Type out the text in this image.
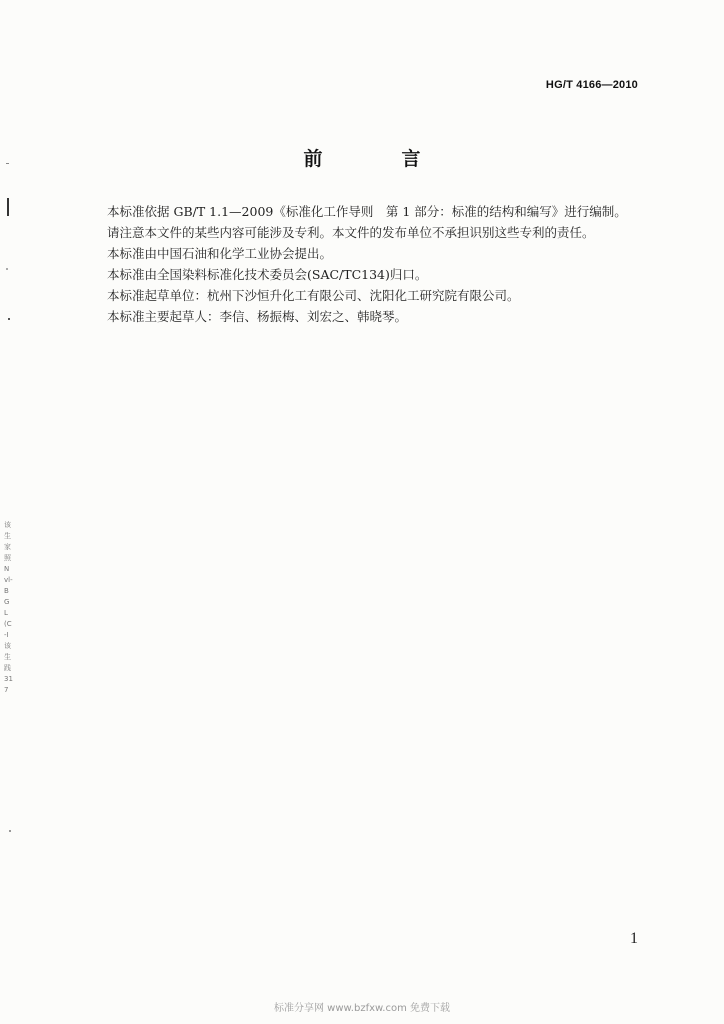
该生家照Nvl-BGL(C-I该生践317
HG/T 4166—2010
前　言

本标准依据 GB/T 1.1—2009《标准化工作导则　第 1 部分：标准的结构和编写》进行编制。

请注意本文件的某些内容可能涉及专利。本文件的发布单位不承担识别这些专利的责任。

本标准由中国石油和化学工业协会提出。

本标准由全国染料标准化技术委员会(SAC/TC134)归口。

本标准起草单位：杭州下沙恒升化工有限公司、沈阳化工研究院有限公司。

本标准主要起草人：李信、杨振梅、刘宏之、韩晓琴。

1
标准分享网 www.bzfxw.com 免费下载
